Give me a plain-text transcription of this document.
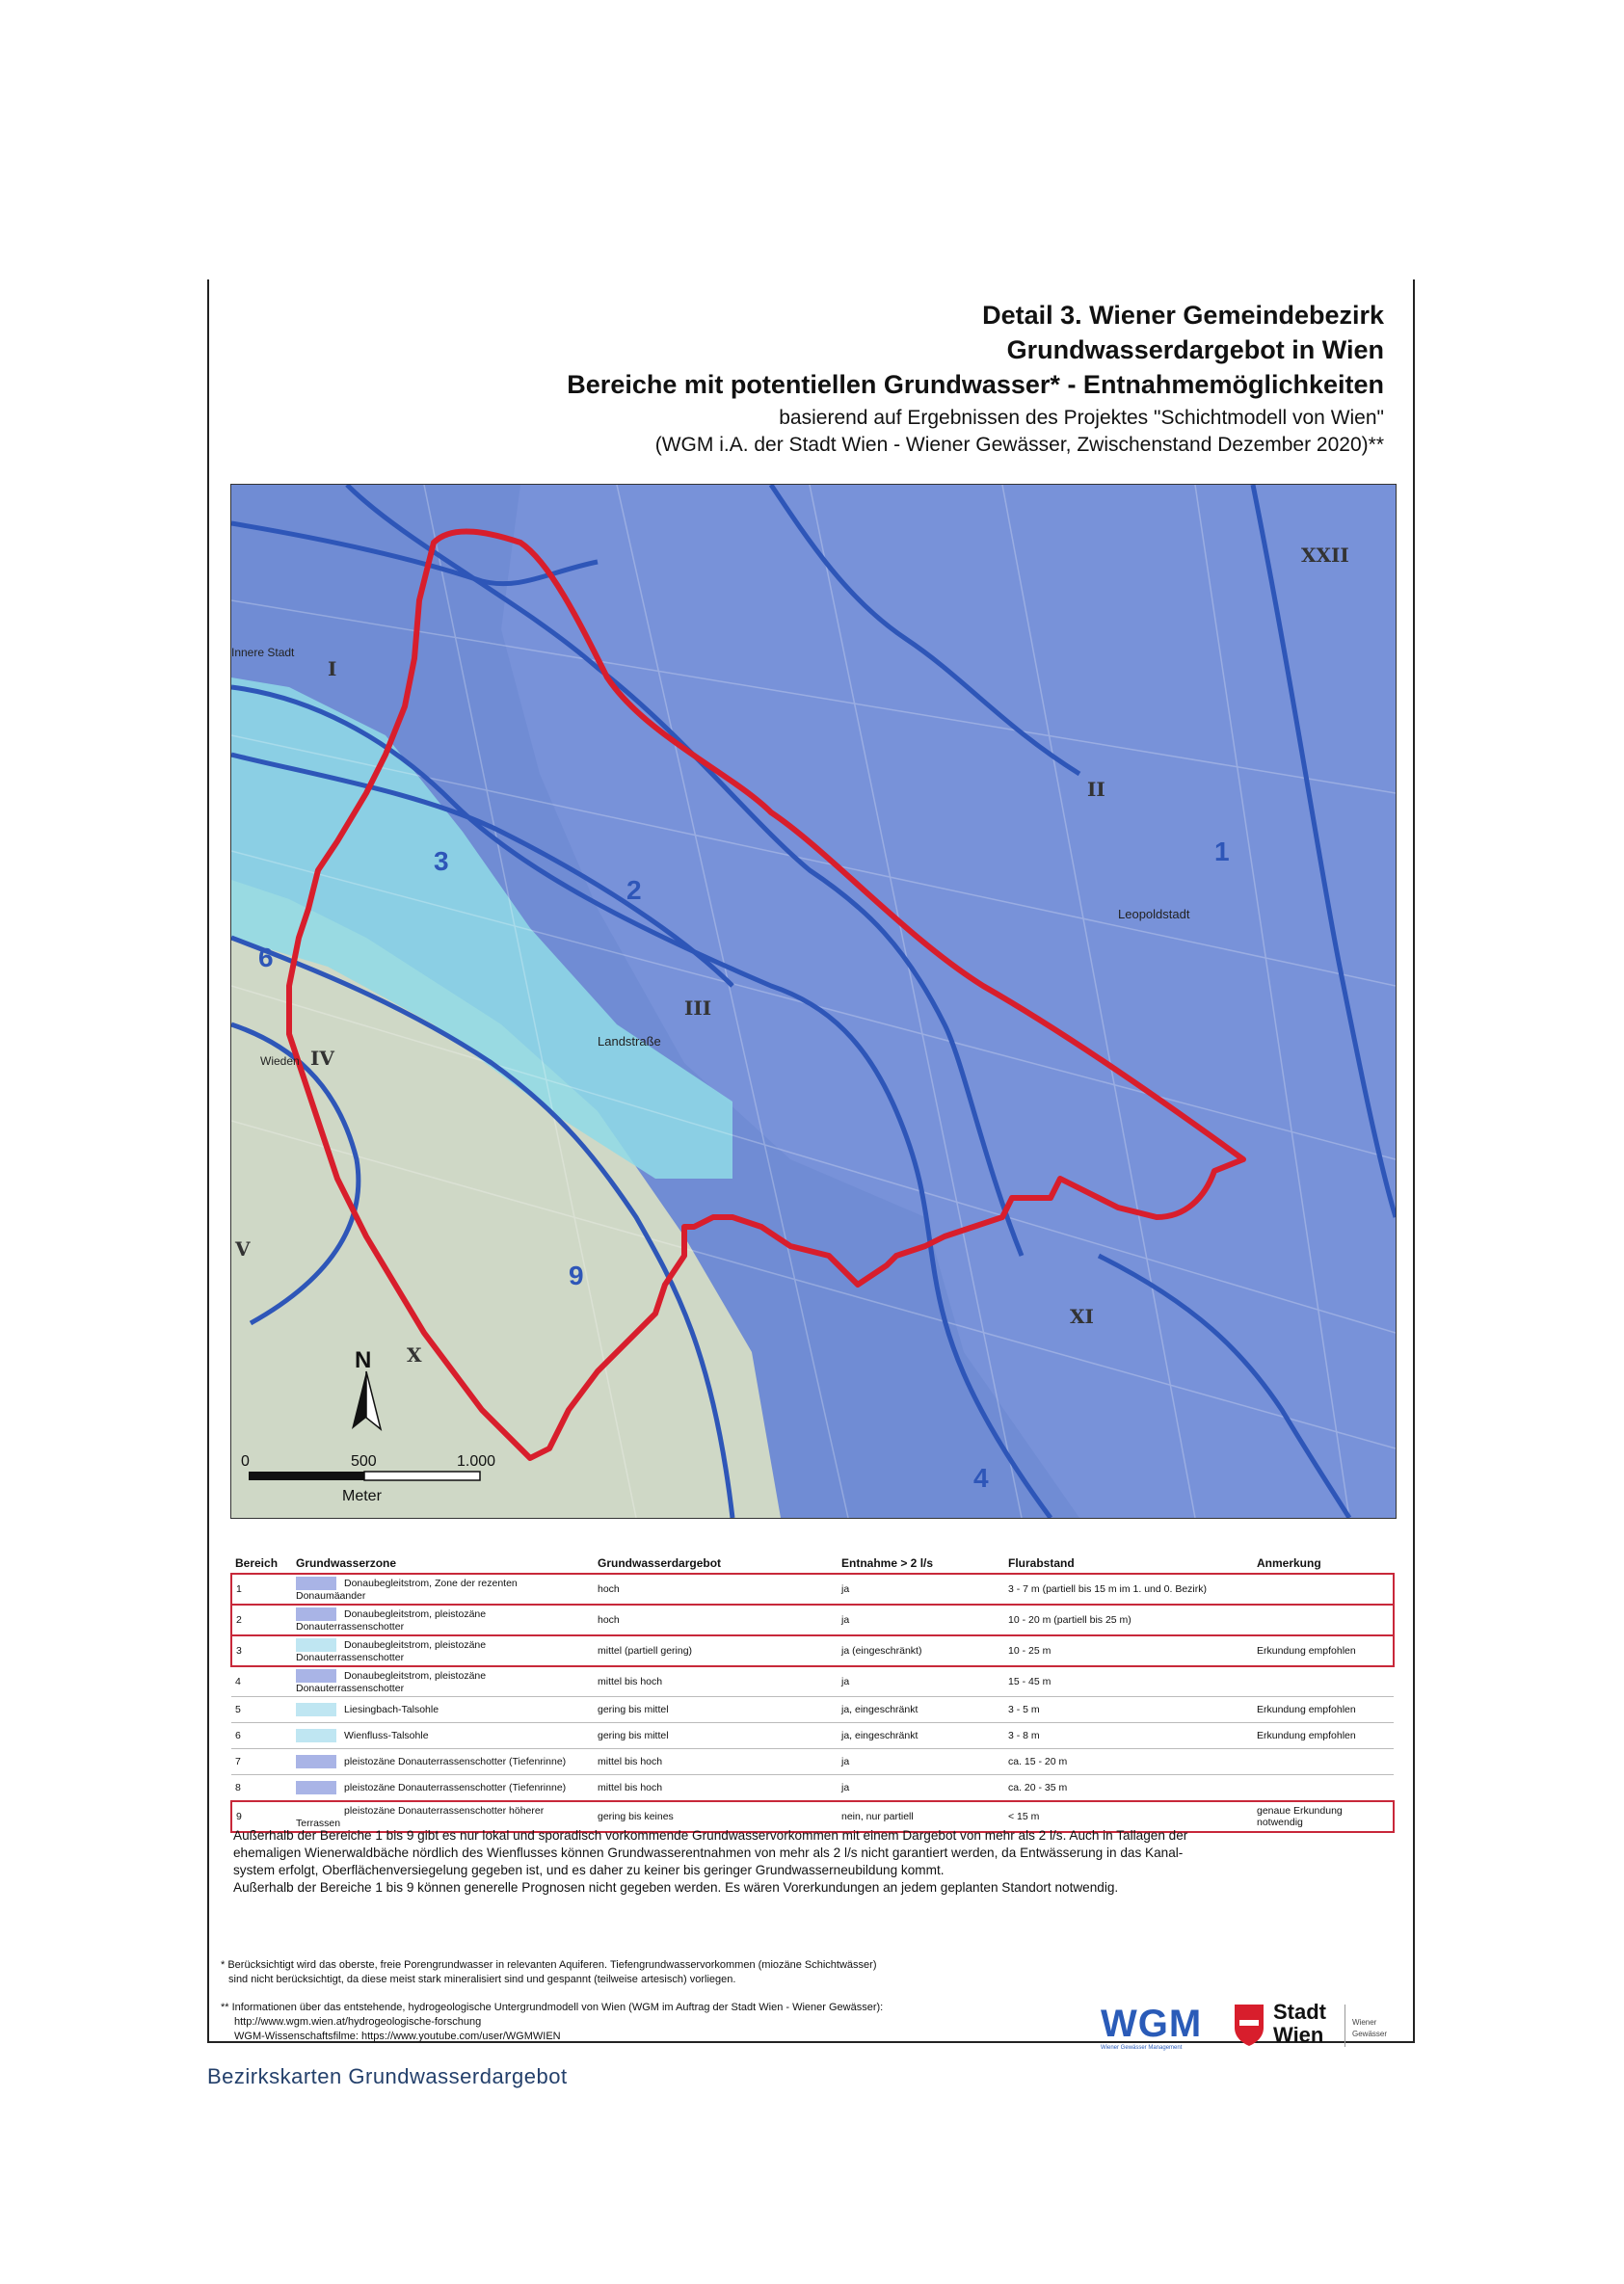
Detail 3. Wiener Gemeindebezirk
Grundwasserdargebot in Wien
Bereiche mit potentiellen Grundwasser* - Entnahmemöglichkeiten
basierend auf Ergebnissen des Projektes "Schichtmodell von Wien"
(WGM i.A. der Stadt Wien - Wiener Gewässer, Zwischenstand Dezember 2020)**
1
2
3
4
6
9
I
II
III
IV
V
X
XI
XXII
Innere Stadt
Leopoldstadt
Landstraße
Wieden
N
0	500	1.000
Meter
Bereich	Grundwasserzone	Grundwasserdargebot	Entnahme > 2 l/s	Flurabstand	Anmerkung
1	Donaubegleitstrom, Zone der rezenten Donaumäander	hoch	ja	3 - 7 m (partiell bis 15 m im 1. und 0. Bezirk)	
2	Donaubegleitstrom, pleistozäne Donauterrassenschotter	hoch	ja	10 - 20 m (partiell bis 25 m)	
3	Donaubegleitstrom, pleistozäne Donauterrassenschotter	mittel (partiell gering)	ja (eingeschränkt)	10 - 25 m	Erkundung empfohlen
4	Donaubegleitstrom, pleistozäne Donauterrassenschotter	mittel bis hoch	ja	15 - 45 m	
5	Liesingbach-Talsohle	gering bis mittel	ja, eingeschränkt	3 - 5 m	Erkundung empfohlen
6	Wienfluss-Talsohle	gering bis mittel	ja, eingeschränkt	3 - 8 m	Erkundung empfohlen
7	pleistozäne Donauterrassenschotter (Tiefenrinne)	mittel bis hoch	ja	ca. 15 - 20 m	
8	pleistozäne Donauterrassenschotter (Tiefenrinne)	mittel bis hoch	ja	ca. 20 - 35 m	
9	pleistozäne Donauterrassenschotter höherer Terrassen	gering bis keines	nein, nur partiell	< 15 m	genaue Erkundung notwendig
Außerhalb der Bereiche 1 bis 9 gibt es nur lokal und sporadisch vorkommende Grundwasservorkommen mit einem Dargebot von mehr als 2 l/s. Auch in Tallagen der
ehemaligen Wienerwaldbäche nördlich des Wienflusses können Grundwasserentnahmen von mehr als 2 l/s nicht garantiert werden, da Entwässerung in das Kanal-
system erfolgt, Oberflächenversiegelung gegeben ist, und es daher zu keiner bis geringer Grundwasserneubildung kommt.
Außerhalb der Bereiche 1 bis 9 können generelle Prognosen nicht gegeben werden. Es wären Vorerkundungen an jedem geplanten Standort notwendig.
* Berücksichtigt wird das oberste, freie Porengrundwasser in relevanten Aquiferen. Tiefengrundwasservorkommen (miozäne Schichtwässer)
sind nicht berücksichtigt, da diese meist stark mineralisiert sind und gespannt (teilweise artesisch) vorliegen.
** Informationen über das entstehende, hydrogeologische Untergrundmodell von Wien (WGM im Auftrag der Stadt Wien - Wiener Gewässer):
http://www.wgm.wien.at/hydrogeologische-forschung
WGM-Wissenschaftsfilme: https://www.youtube.com/user/WGMWIEN	WGM
Wiener Gewässer Management
Stadt
Wien
Wiener
Gewässer
Bezirkskarten Grundwasserdargebot
